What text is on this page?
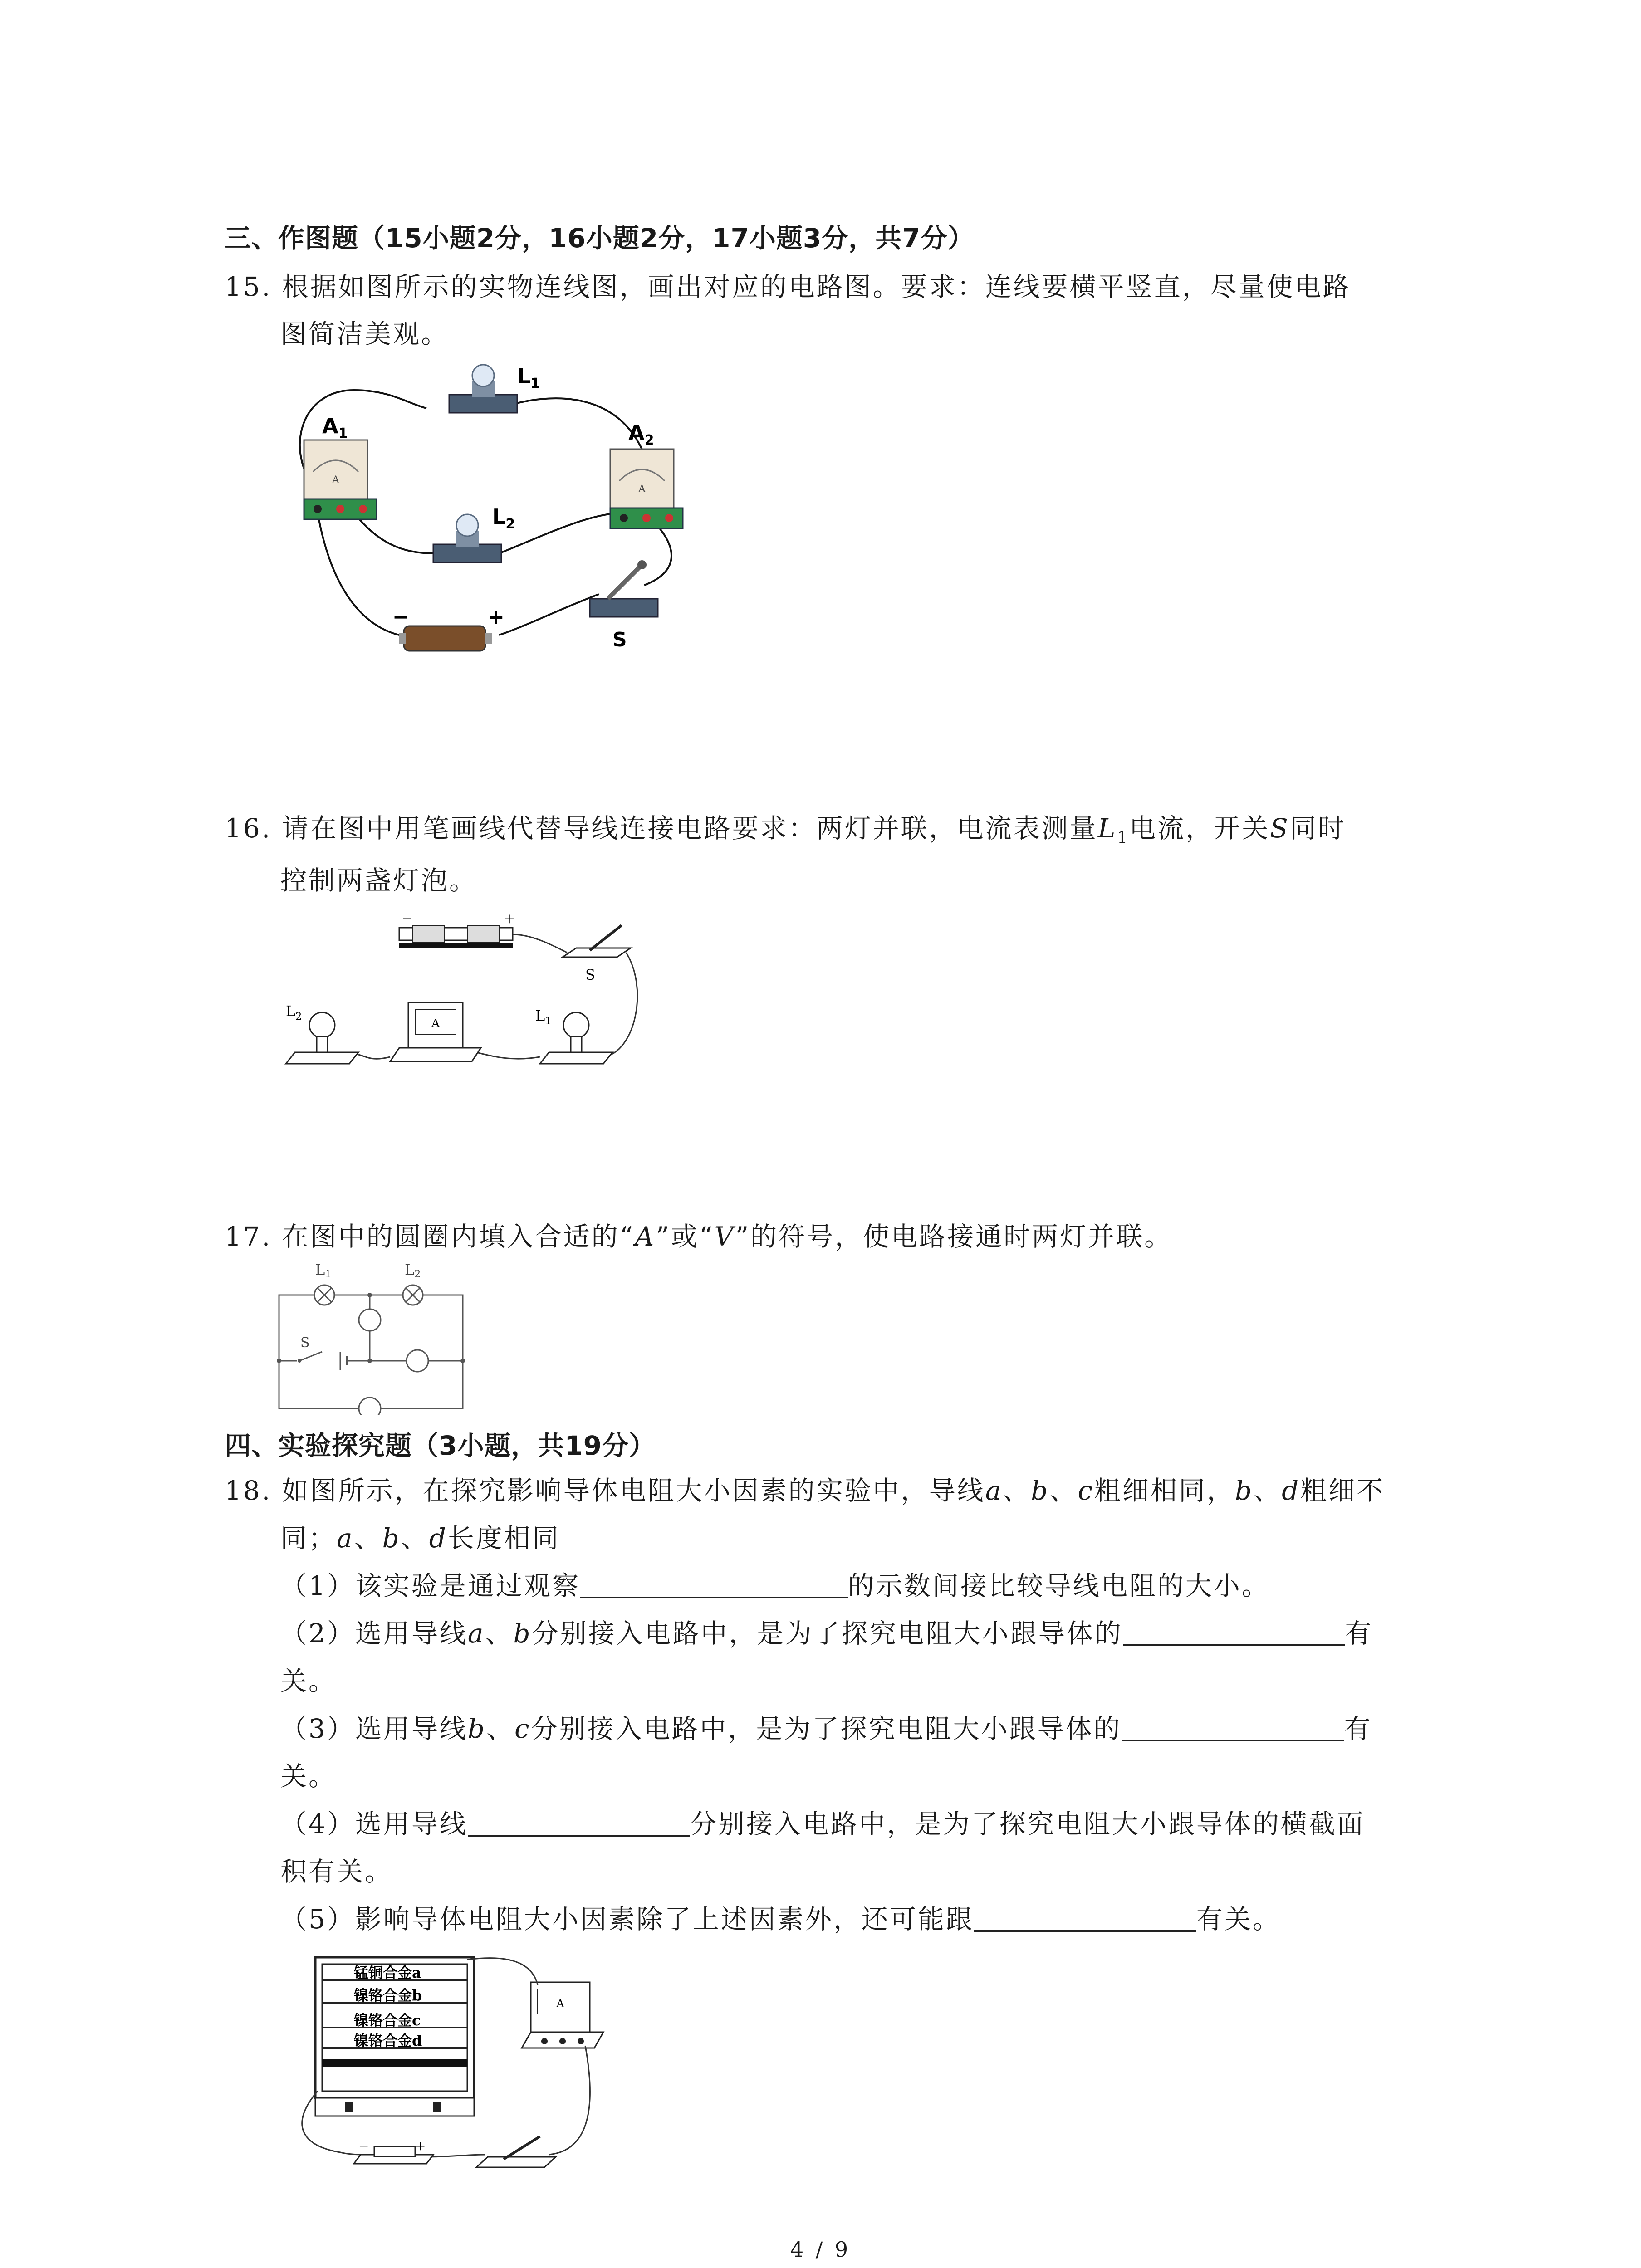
三、作图题（15小题2分，16小题2分，17小题3分，共7分）
15. 根据如图所示的实物连线图，画出对应的电路图。要求：连线要横平竖直，尽量使电路
图简洁美观。
$L_1$
$L_2$
A
$A_1$
A
$A_2$
−	+
S
16. 请在图中用笔画线代替导线连接电路要求：两灯并联，电流表测量$L_1$电流，开关S同时
控制两盏灯泡。
−	+
S
$L_2$
A	$L_1$
17. 在图中的圆圈内填入合适的“A”或“V”的符号，使电路接通时两灯并联。
L1	L2
S
四、实验探究题（3小题，共19分）
18. 如图所示，在探究影响导体电阻大小因素的实验中，导线a、b、c粗细相同，b、d粗细不
同；a、b、d长度相同
（1）该实验是通过观察	的示数间接比较导线电阻的大小。
（2）选用导线a、b分别接入电路中，是为了探究电阻大小跟导体的	有
关。
（3）选用导线b、c分别接入电路中，是为了探究电阻大小跟导体的	有
关。
（4）选用导线	分别接入电路中，是为了探究电阻大小跟导体的横截面
积有关。
（5）影响导体电阻大小因素除了上述因素外，还可能跟	有关。
锰铜合金a
镍铬合金b
镍铬合金c
镍铬合金d
A
−	+
4 / 9
